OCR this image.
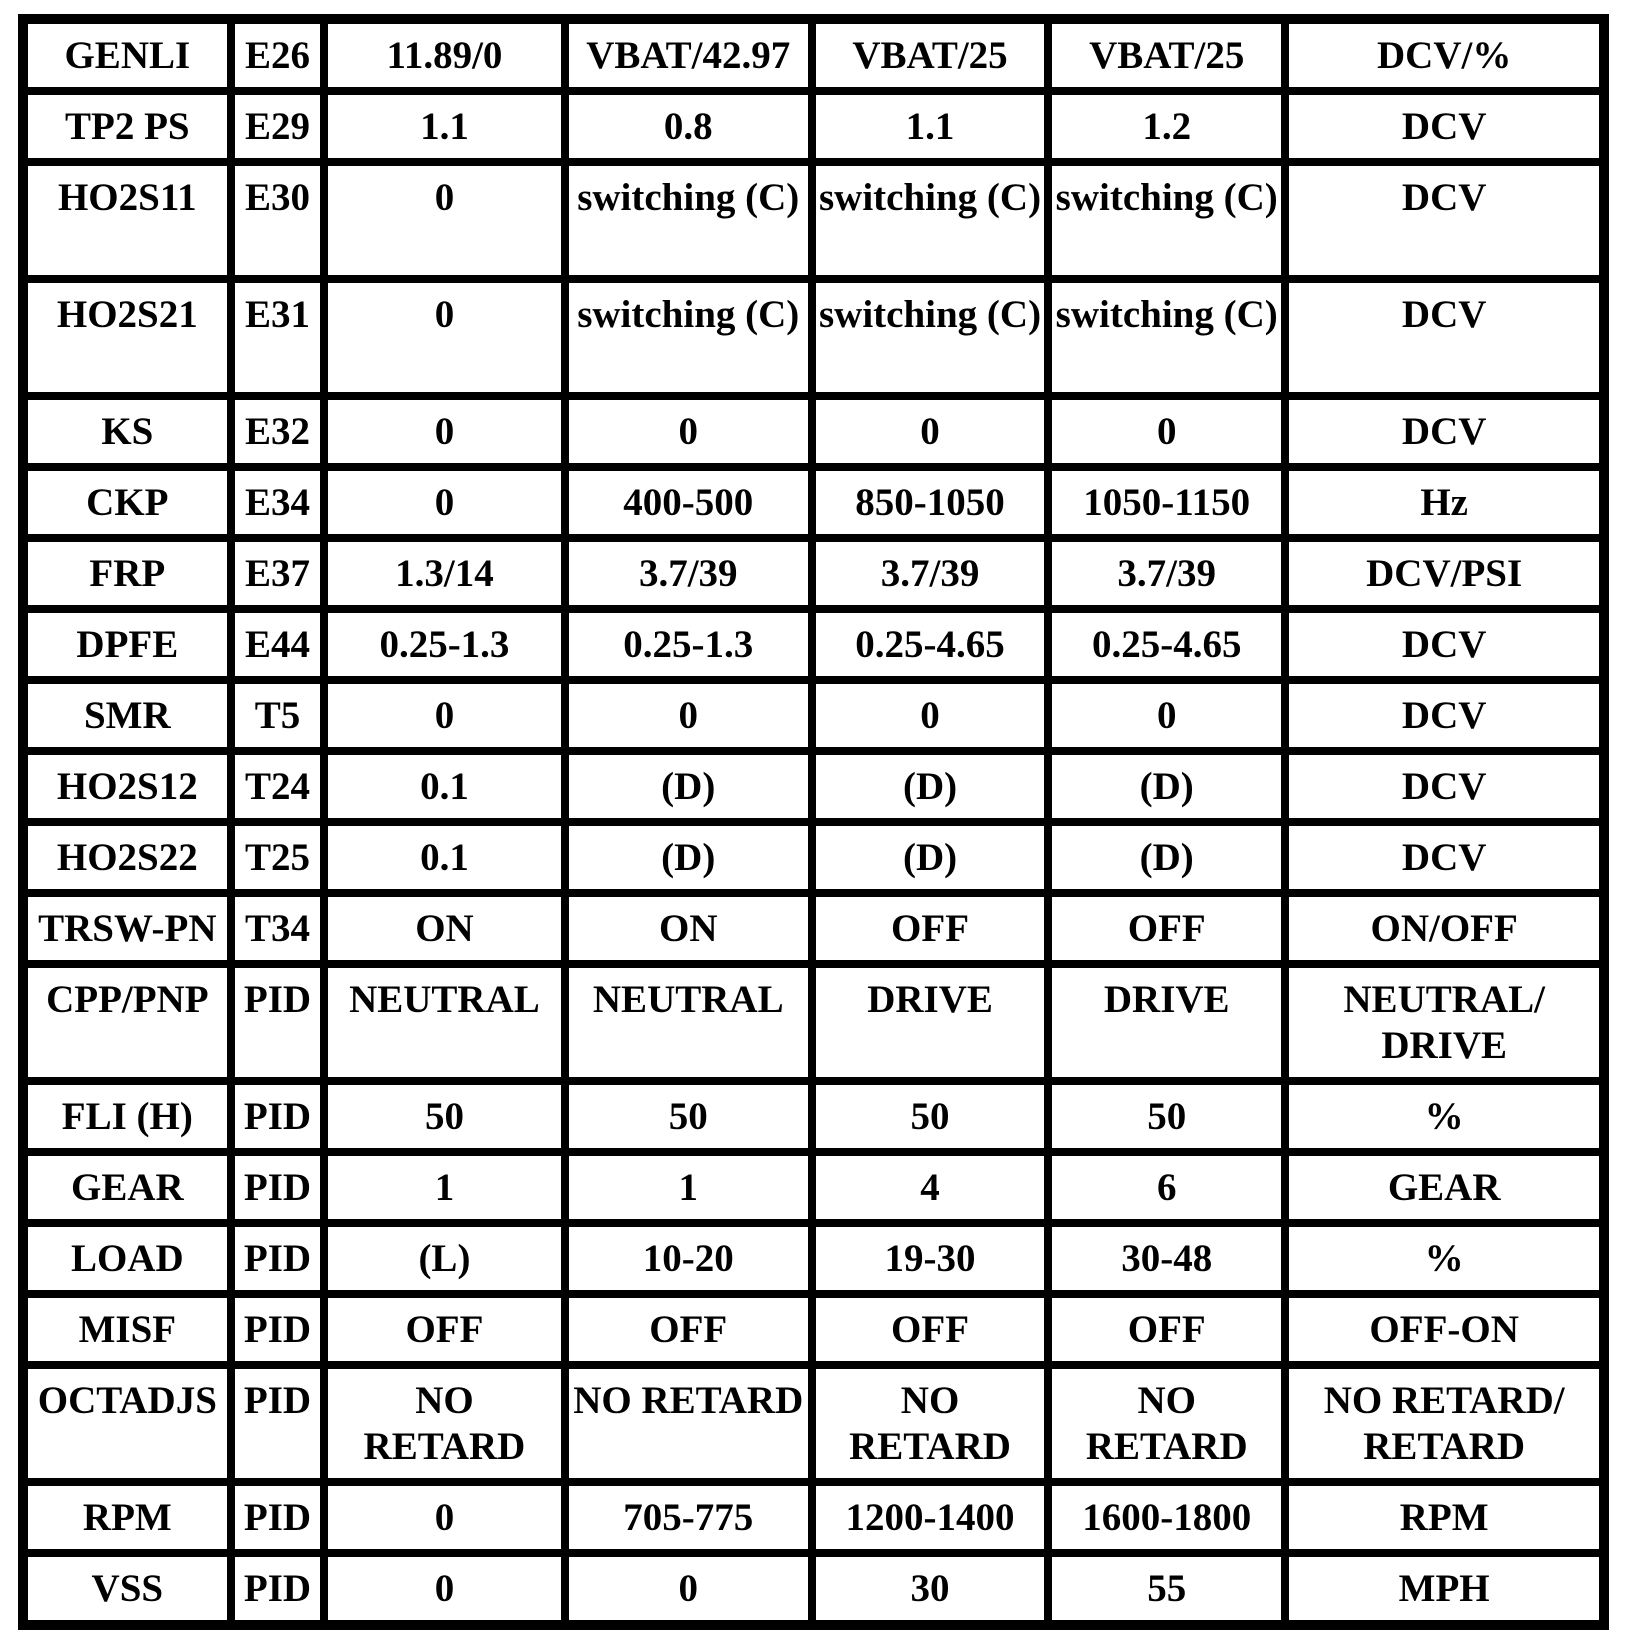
GENLI	E26	11.89/0	VBAT/42.97	VBAT/25	VBAT/25	DCV/%
TP2 PS	E29	1.1	0.8	1.1	1.2	DCV
HO2S11	E30	0	switching (C)	switching (C)	switching (C)	DCV
HO2S21	E31	0	switching (C)	switching (C)	switching (C)	DCV
KS	E32	0	0	0	0	DCV
CKP	E34	0	400-500	850-1050	1050-1150	Hz
FRP	E37	1.3/14	3.7/39	3.7/39	3.7/39	DCV/PSI
DPFE	E44	0.25-1.3	0.25-1.3	0.25-4.65	0.25-4.65	DCV
SMR	T5	0	0	0	0	DCV
HO2S12	T24	0.1	(D)	(D)	(D)	DCV
HO2S22	T25	0.1	(D)	(D)	(D)	DCV
TRSW-PN	T34	ON	ON	OFF	OFF	ON/OFF
CPP/PNP	PID	NEUTRAL	NEUTRAL	DRIVE	DRIVE	NEUTRAL/ DRIVE
FLI (H)	PID	50	50	50	50	%
GEAR	PID	1	1	4	6	GEAR
LOAD	PID	(L)	10-20	19-30	30-48	%
MISF	PID	OFF	OFF	OFF	OFF	OFF-ON
OCTADJS	PID	NO RETARD	NO RETARD	NO RETARD	NO RETARD	NO RETARD/ RETARD
RPM	PID	0	705-775	1200-1400	1600-1800	RPM
VSS	PID	0	0	30	55	MPH
